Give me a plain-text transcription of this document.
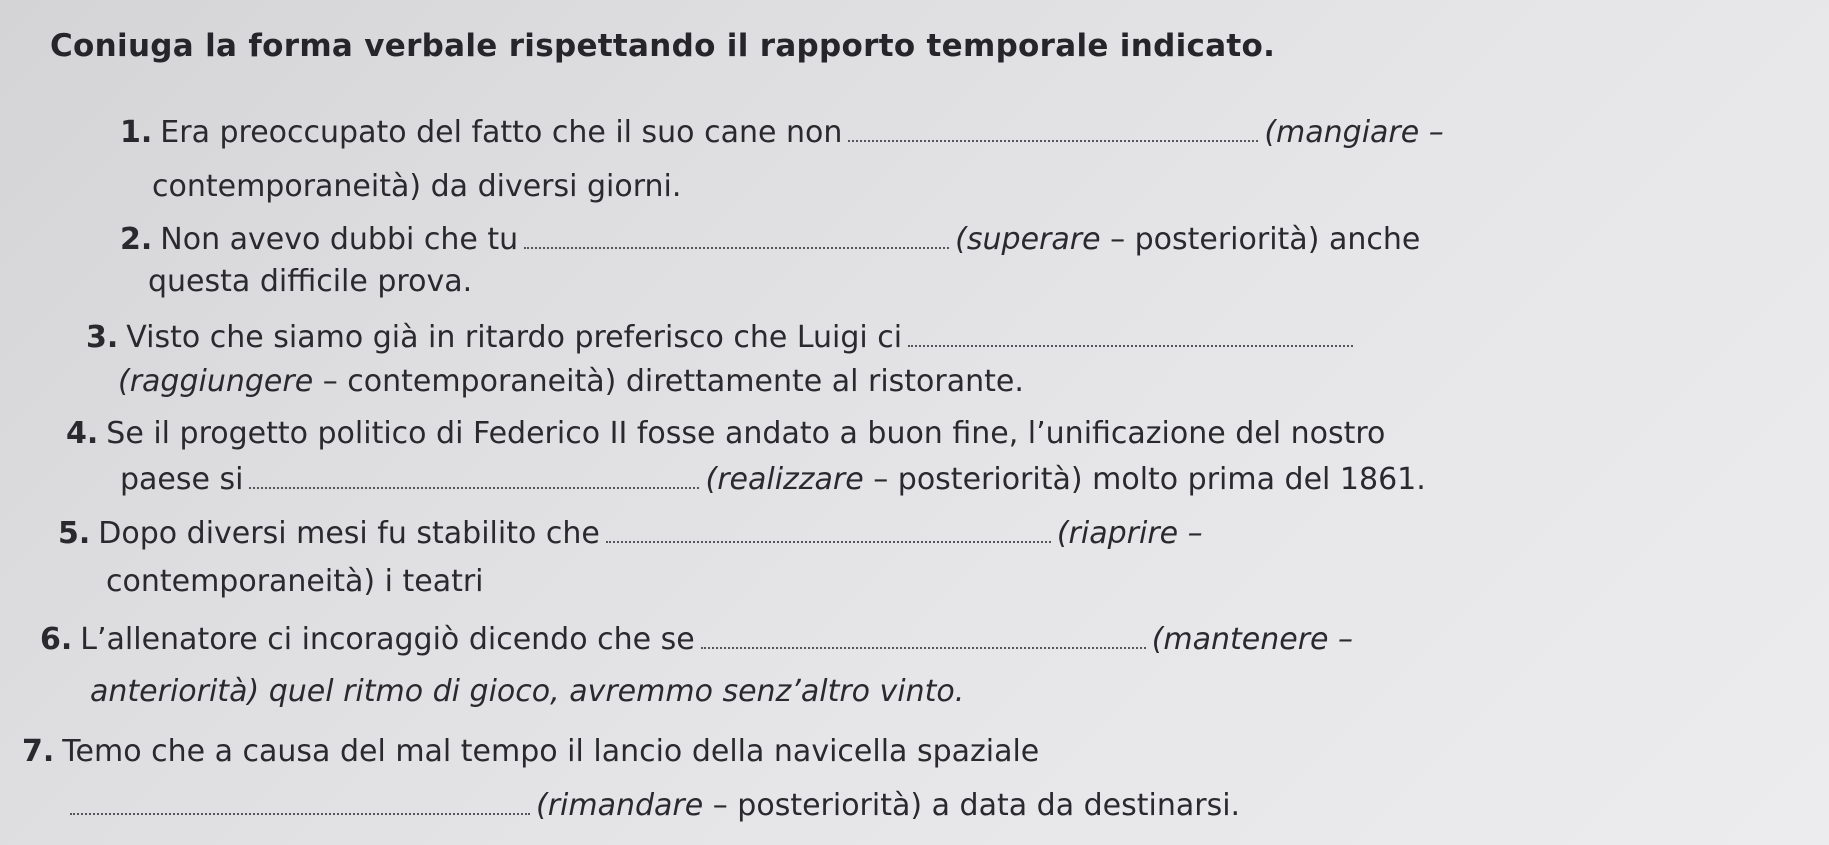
Coniuga la forma verbale rispettando il rapporto temporale indicato.
1. Era preoccupato del fatto che il suo cane non	(mangiare –
contemporaneità) da diversi giorni.
2. Non avevo dubbi che tu	(superare – posteriorità) anche
questa difficile prova.
3. Visto che siamo già in ritardo preferisco che Luigi ci
(raggiungere – contemporaneità) direttamente al ristorante.
4. Se il progetto politico di Federico II fosse andato a buon fine, l’unificazione del nostro
paese si	(realizzare – posteriorità) molto prima del 1861.
5. Dopo diversi mesi fu stabilito che	(riaprire –
contemporaneità) i teatri
6. L’allenatore ci incoraggiò dicendo che se	(mantenere –
anteriorità) quel ritmo di gioco, avremmo senz’altro vinto.
7. Temo che a causa del mal tempo il lancio della navicella spaziale
(rimandare – posteriorità) a data da destinarsi.
